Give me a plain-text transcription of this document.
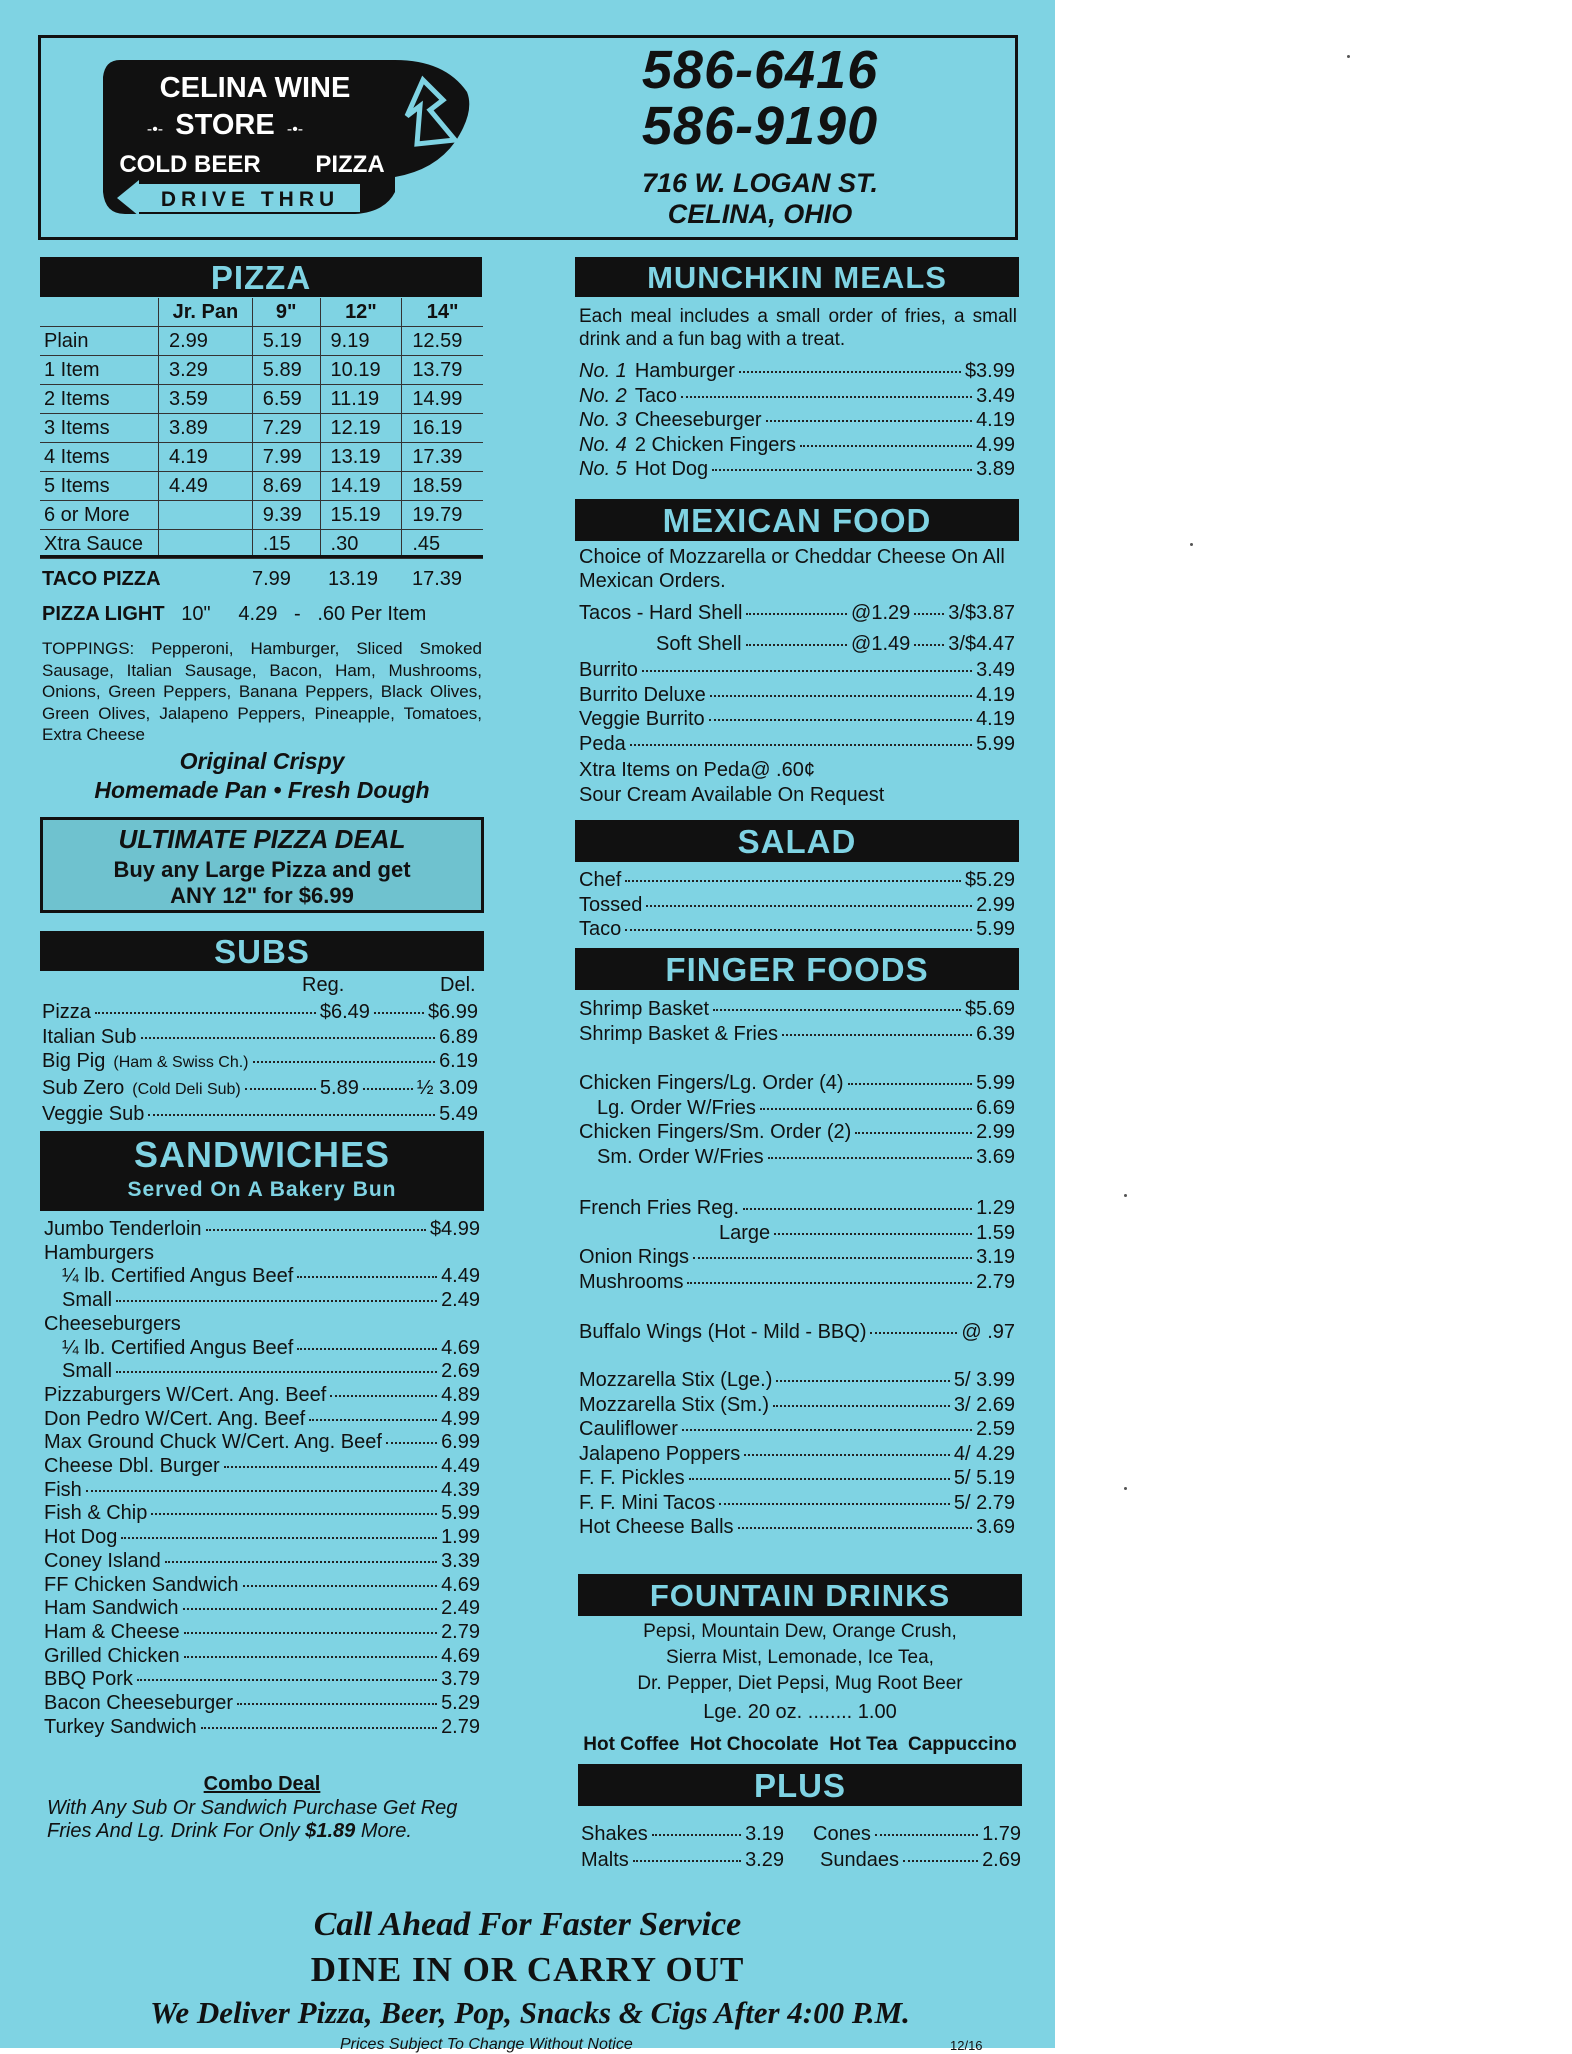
CELINA WINE
STORE
-•-	-•-
COLD BEER PIZZA
DRIVE THRU
586-6416
586-9190
716 W. LOGAN ST.
CELINA, OHIO
PIZZA
	Jr. Pan	9"	12"	14"
Plain	2.99	5.19	9.19	12.59
1 Item	3.29	5.89	10.19	13.79
2 Items	3.59	6.59	11.19	14.99
3 Items	3.89	7.29	12.19	16.19
4 Items	4.19	7.99	13.19	17.39
5 Items	4.49	8.69	14.19	18.59
6 or More		9.39	15.19	19.79
Xtra Sauce		.15	.30	.45
TACO PIZZA	7.99 13.19 17.39
PIZZA LIGHT 10" 4.29 - .60 Per Item
TOPPINGS: Pepperoni, Hamburger, Sliced Smoked Sausage, Italian Sausage, Bacon, Ham, Mushrooms, Onions, Green Peppers, Banana Peppers, Black Olives, Green Olives, Jalapeno Peppers, Pineapple, Tomatoes, Extra Cheese
Original Crispy
Homemade Pan • Fresh Dough
ULTIMATE PIZZA DEAL
Buy any Large Pizza and get
ANY 12" for $6.99
SUBS
Reg.	Del.
Pizza	$6.49	$6.99
Italian Sub	6.89
Big Pig (Ham & Swiss Ch.)	6.19
Sub Zero (Cold Deli Sub)	5.89	½ 3.09
Veggie Sub	5.49
SANDWICHES
Served On A Bakery Bun
Jumbo Tenderloin	$4.99
Hamburgers
¼ lb. Certified Angus Beef	4.49
Small	2.49
Cheeseburgers
¼ lb. Certified Angus Beef	4.69
Small	2.69
Pizzaburgers W/Cert. Ang. Beef	4.89
Don Pedro W/Cert. Ang. Beef	4.99
Max Ground Chuck W/Cert. Ang. Beef	6.99
Cheese Dbl. Burger	4.49
Fish	4.39
Fish & Chip	5.99
Hot Dog	1.99
Coney Island	3.39
FF Chicken Sandwich	4.69
Ham Sandwich	2.49
Ham & Cheese	2.79
Grilled Chicken	4.69
BBQ Pork	3.79
Bacon Cheeseburger	5.29
Turkey Sandwich	2.79
Combo Deal
With Any Sub Or Sandwich Purchase Get Reg
Fries And Lg. Drink For Only $1.89 More.
MUNCHKIN MEALS
Each meal includes a small order of fries, a small drink and a fun bag with a treat.
No. 1 Hamburger	$3.99
No. 2 Taco	3.49
No. 3 Cheeseburger	4.19
No. 4 2 Chicken Fingers	4.99
No. 5 Hot Dog	3.89
MEXICAN FOOD
Choice of Mozzarella or Cheddar Cheese On All Mexican Orders.
Tacos - Hard Shell	@1.29 3/$3.87
Soft Shell	@1.49 3/$4.47
Burrito	3.49
Burrito Deluxe	4.19
Veggie Burrito	4.19
Peda	5.99
Xtra Items on Peda@ .60¢
Sour Cream Available On Request
SALAD
Chef	$5.29
Tossed	2.99
Taco	5.99
FINGER FOODS
Shrimp Basket	$5.69
Shrimp Basket & Fries	6.39
Chicken Fingers/Lg. Order (4)	5.99
Lg. Order W/Fries	6.69
Chicken Fingers/Sm. Order (2)	2.99
Sm. Order W/Fries	3.69
French Fries Reg.	1.29
Large	1.59
Onion Rings	3.19
Mushrooms	2.79
Buffalo Wings (Hot - Mild - BBQ)	@ .97
Mozzarella Stix (Lge.)	5/ 3.99
Mozzarella Stix (Sm.)	3/ 2.69
Cauliflower	2.59
Jalapeno Poppers	4/ 4.29
F. F. Pickles	5/ 5.19
F. F. Mini Tacos	5/ 2.79
Hot Cheese Balls	3.69
FOUNTAIN DRINKS
Pepsi, Mountain Dew, Orange Crush,
Sierra Mist, Lemonade, Ice Tea,
Dr. Pepper, Diet Pepsi, Mug Root Beer
Lge. 20 oz. ........ 1.00
Hot Coffee  Hot Chocolate  Hot Tea  Cappuccino
PLUS
Shakes	3.19
Malts	3.29
Cones	1.79
Sundaes	2.69
Call Ahead For Faster Service
DINE IN OR CARRY OUT
We Deliver Pizza, Beer, Pop, Snacks & Cigs After 4:00 P.M.
Prices Subject To Change Without Notice	12/16
